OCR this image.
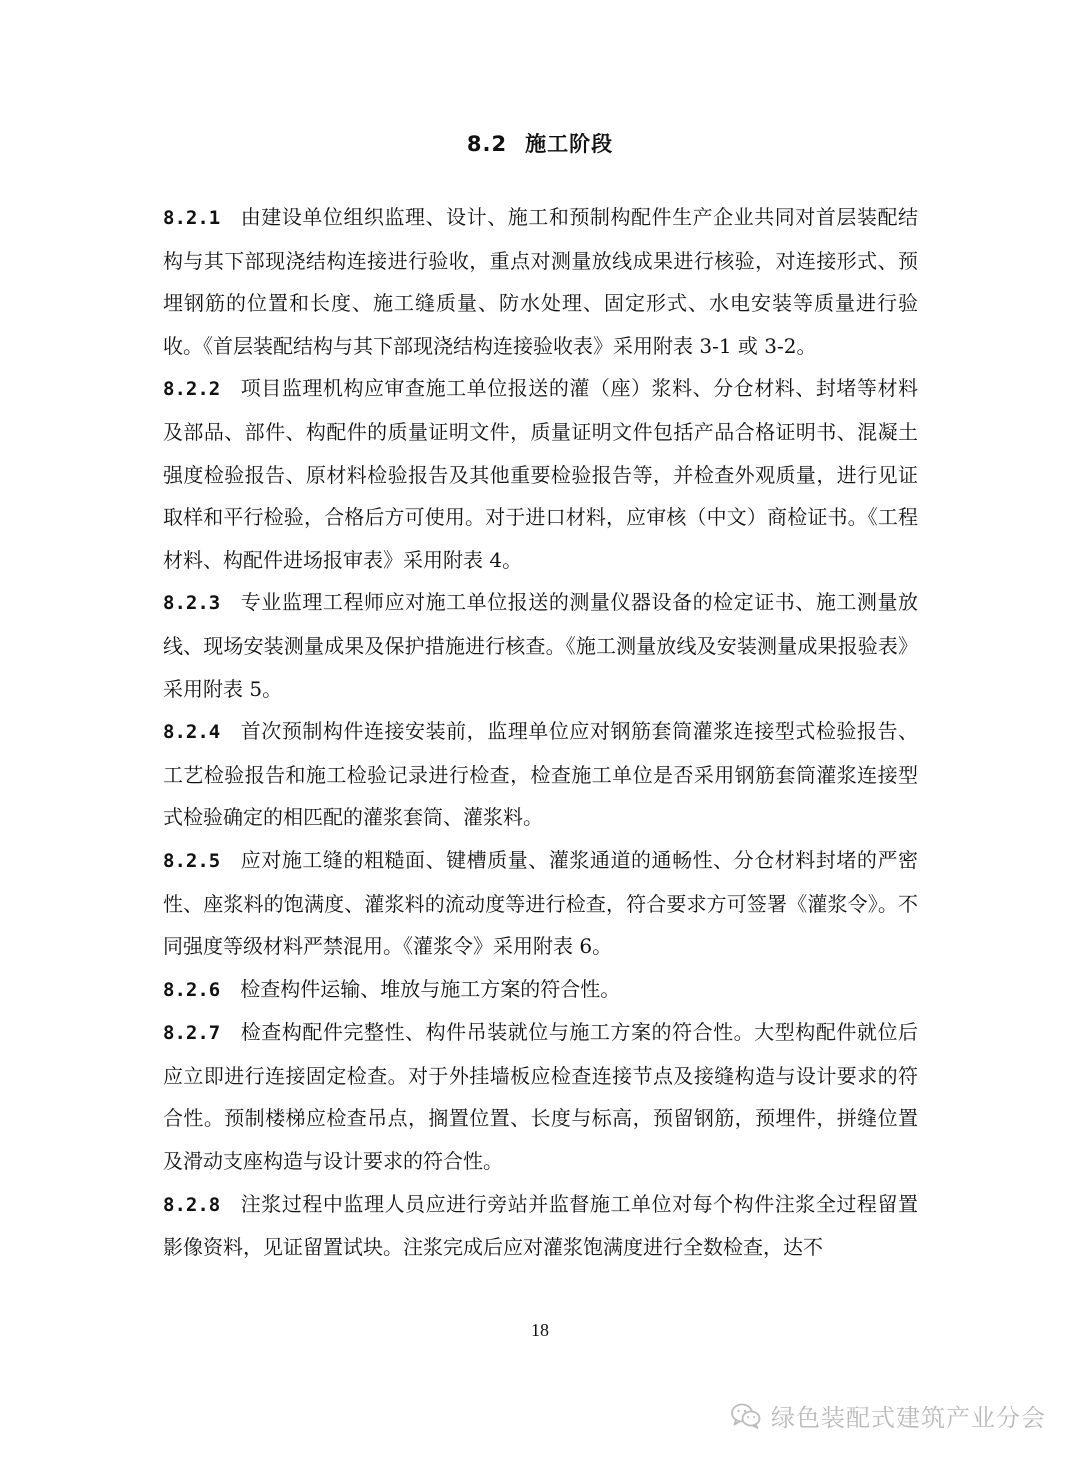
8.2 施工阶段

8.2.1 由建设单位组织监理、设计、施工和预制构配件生产企业共同对首层装配结构与其下部现浇结构连接进行验收，重点对测量放线成果进行核验，对连接形式、预埋钢筋的位置和长度、施工缝质量、防水处理、固定形式、水电安装等质量进行验收。《首层装配结构与其下部现浇结构连接验收表》采用附表 3-1 或 3-2。

8.2.2 项目监理机构应审查施工单位报送的灌（座）浆料、分仓材料、封堵等材料及部品、部件、构配件的质量证明文件，质量证明文件包括产品合格证明书、混凝土强度检验报告、原材料检验报告及其他重要检验报告等，并检查外观质量，进行见证取样和平行检验，合格后方可使用。对于进口材料，应审核（中文）商检证书。《工程材料、构配件进场报审表》采用附表 4。

8.2.3 专业监理工程师应对施工单位报送的测量仪器设备的检定证书、施工测量放线、现场安装测量成果及保护措施进行核查。《施工测量放线及安装测量成果报验表》采用附表 5。

8.2.4 首次预制构件连接安装前，监理单位应对钢筋套筒灌浆连接型式检验报告、工艺检验报告和施工检验记录进行检查，检查施工单位是否采用钢筋套筒灌浆连接型式检验确定的相匹配的灌浆套筒、灌浆料。

8.2.5 应对施工缝的粗糙面、键槽质量、灌浆通道的通畅性、分仓材料封堵的严密性、座浆料的饱满度、灌浆料的流动度等进行检查，符合要求方可签署《灌浆令》。不同强度等级材料严禁混用。《灌浆令》采用附表 6。

8.2.6 检查构件运输、堆放与施工方案的符合性。

8.2.7 检查构配件完整性、构件吊装就位与施工方案的符合性。大型构配件就位后应立即进行连接固定检查。对于外挂墙板应检查连接节点及接缝构造与设计要求的符合性。预制楼梯应检查吊点，搁置位置、长度与标高，预留钢筋，预埋件，拼缝位置及滑动支座构造与设计要求的符合性。

8.2.8 注浆过程中监理人员应进行旁站并监督施工单位对每个构件注浆全过程留置影像资料，见证留置试块。注浆完成后应对灌浆饱满度进行全数检查，达不

18
绿色装配式建筑产业分会
